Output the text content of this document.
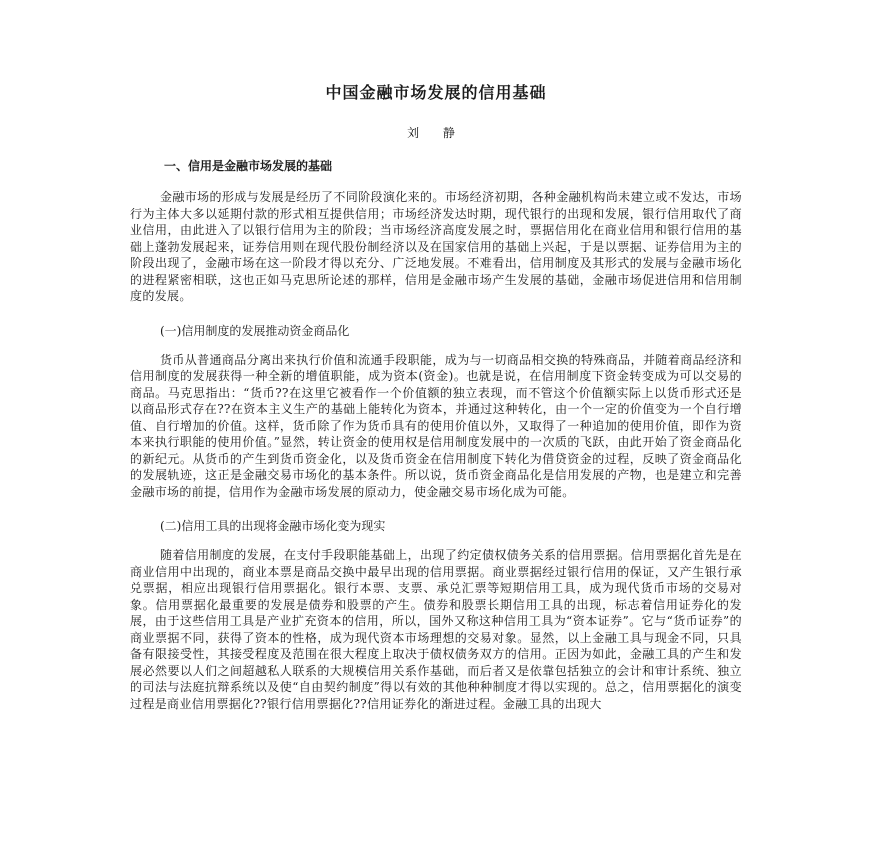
中国金融市场发展的信用基础
刘 静
一、信用是金融市场发展的基础

金融市场的形成与发展是经历了不同阶段演化来的。市场经济初期，各种金融机构尚未建立或不发达，市场行为主体大多以延期付款的形式相互提供信用；市场经济发达时期，现代银行的出现和发展，银行信用取代了商业信用，由此进入了以银行信用为主的阶段；当市场经济高度发展之时，票据信用化在商业信用和银行信用的基础上蓬勃发展起来，证券信用则在现代股份制经济以及在国家信用的基础上兴起，于是以票据、证券信用为主的阶段出现了，金融市场在这一阶段才得以充分、广泛地发展。不难看出，信用制度及其形式的发展与金融市场化的进程紧密相联，这也正如马克思所论述的那样，信用是金融市场产生发展的基础，金融市场促进信用和信用制度的发展。

(一)信用制度的发展推动资金商品化

货币从普通商品分离出来执行价值和流通手段职能，成为与一切商品相交换的特殊商品，并随着商品经济和信用制度的发展获得一种全新的增值职能，成为资本(资金)。也就是说，在信用制度下资金转变成为可以交易的商品。马克思指出：“货币??在这里它被看作一个价值额的独立表现，而不管这个价值额实际上以货币形式还是以商品形式存在??在资本主义生产的基础上能转化为资本，并通过这种转化，由一个一定的价值变为一个自行增值、自行增加的价值。这样，货币除了作为货币具有的使用价值以外，又取得了一种追加的使用价值，即作为资本来执行职能的使用价值。”显然，转让资金的使用权是信用制度发展中的一次质的飞跃，由此开始了资金商品化的新纪元。从货币的产生到货币资金化，以及货币资金在信用制度下转化为借贷资金的过程，反映了资金商品化的发展轨迹，这正是金融交易市场化的基本条件。所以说，货币资金商品化是信用发展的产物，也是建立和完善金融市场的前提，信用作为金融市场发展的原动力，使金融交易市场化成为可能。

(二)信用工具的出现将金融市场化变为现实

随着信用制度的发展，在支付手段职能基础上，出现了约定债权债务关系的信用票据。信用票据化首先是在商业信用中出现的，商业本票是商品交换中最早出现的信用票据。商业票据经过银行信用的保证，又产生银行承兑票据，相应出现银行信用票据化。银行本票、支票、承兑汇票等短期信用工具，成为现代货币市场的交易对象。信用票据化最重要的发展是债券和股票的产生。债券和股票长期信用工具的出现，标志着信用证券化的发展，由于这些信用工具是产业扩充资本的信用，所以，国外又称这种信用工具为“资本证券”。它与“货币证券”的商业票据不同，获得了资本的性格，成为现代资本市场理想的交易对象。显然，以上金融工具与现金不同，只具备有限接受性，其接受程度及范围在很大程度上取决于债权债务双方的信用。正因为如此，金融工具的产生和发展必然要以人们之间超越私人联系的大规模信用关系作基础，而后者又是依靠包括独立的会计和审计系统、独立的司法与法庭抗辩系统以及使“自由契约制度”得以有效的其他种种制度才得以实现的。总之，信用票据化的演变过程是商业信用票据化??银行信用票据化??信用证券化的渐进过程。金融工具的出现大
